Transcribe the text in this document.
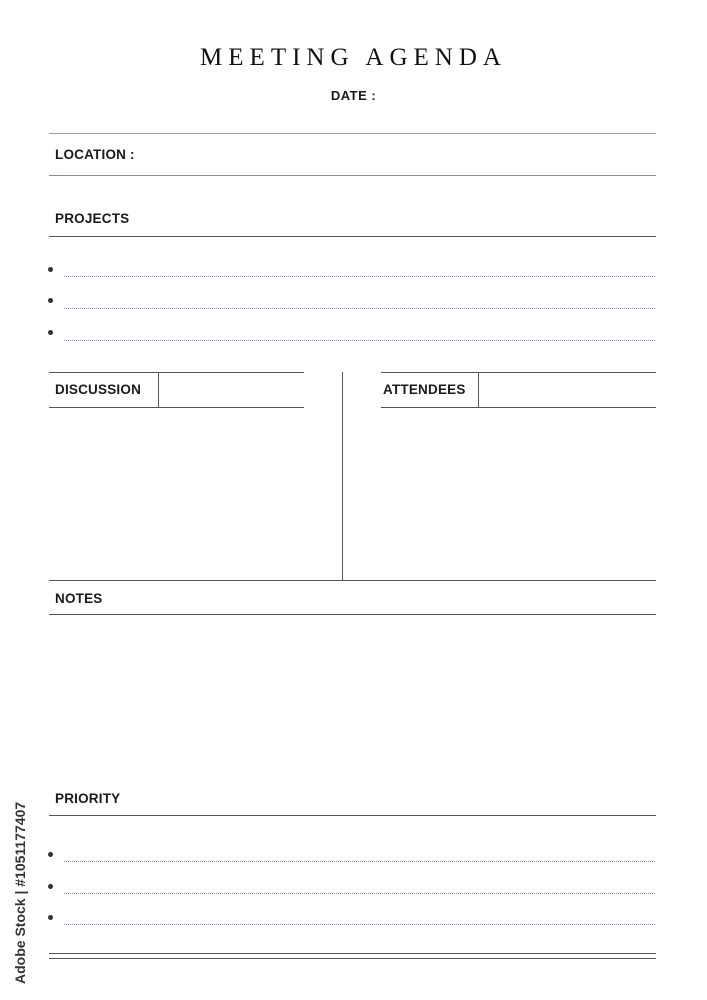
MEETING AGENDA
DATE :
LOCATION :
PROJECTS
DISCUSSION	ATTENDEES
NOTES
PRIORITY
Adobe Stock | #1051177407
